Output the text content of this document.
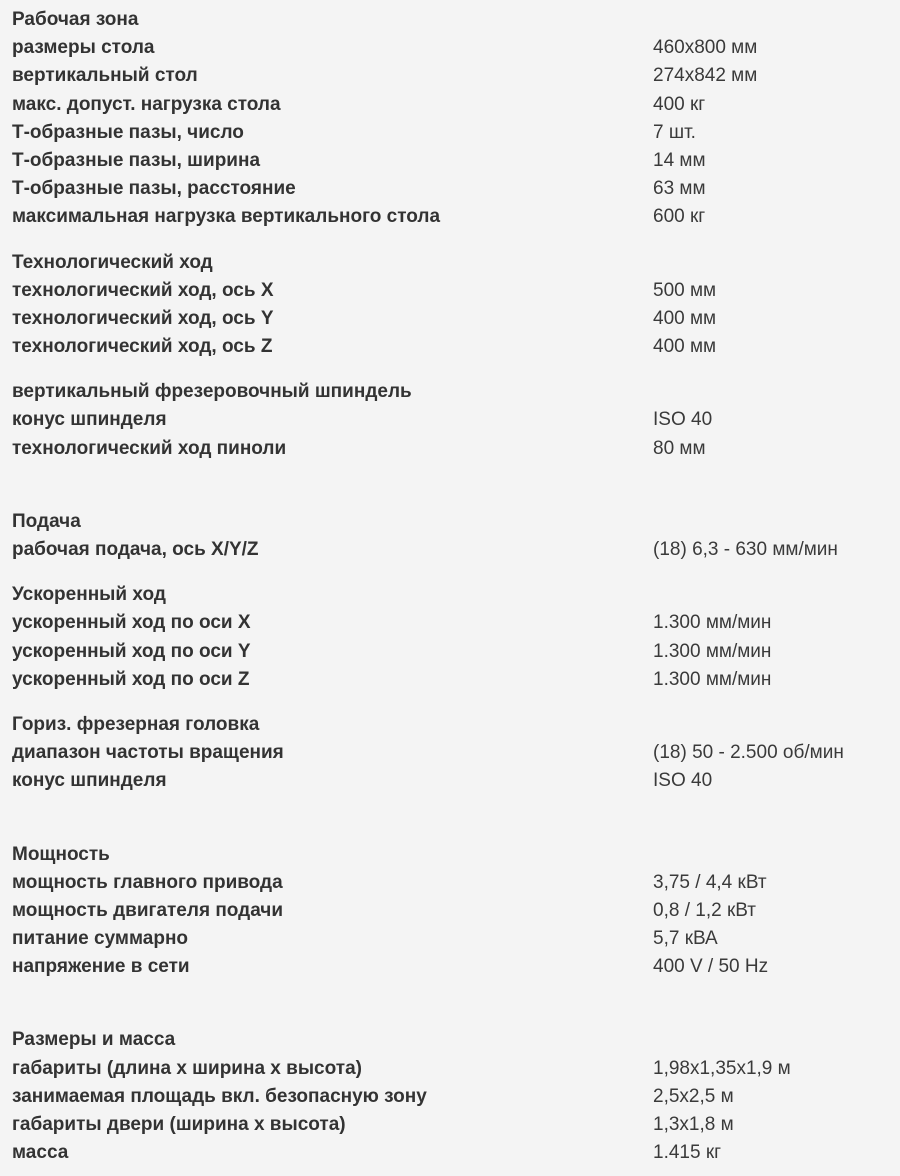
Рабочая зона
размеры стола	460x800 мм
вертикальный стол	274x842 мм
макс. допуст. нагрузка стола	400 кг
Т-образные пазы, число	7 шт.
Т-образные пазы, ширина	14 мм
Т-образные пазы, расстояние	63 мм
максимальная нагрузка вертикального стола	600 кг
Технологический ход
технологический ход, ось X	500 мм
технологический ход, ось Y	400 мм
технологический ход, ось Z	400 мм
вертикальный фрезеровочный шпиндель
конус шпинделя	ISO 40
технологический ход пиноли	80 мм
Подача
рабочая подача, ось X/Y/Z	(18) 6,3 - 630 мм/мин
Ускоренный ход
ускоренный ход по оси X	1.300 мм/мин
ускоренный ход по оси Y	1.300 мм/мин
ускоренный ход по оси Z	1.300 мм/мин
Гориз. фрезерная головка
диапазон частоты вращения	(18) 50 - 2.500 об/мин
конус шпинделя	ISO 40
Мощность
мощность главного привода	3,75 / 4,4 кВт
мощность двигателя подачи	0,8 / 1,2 кВт
питание суммарно	5,7 кВА
напряжение в сети	400 V / 50 Hz
Размеры и масса
габариты (длина x ширина x высота)	1,98x1,35x1,9 м
занимаемая площадь вкл. безопасную зону	2,5x2,5 м
габариты двери (ширина x высота)	1,3x1,8 м
масса	1.415 кг
